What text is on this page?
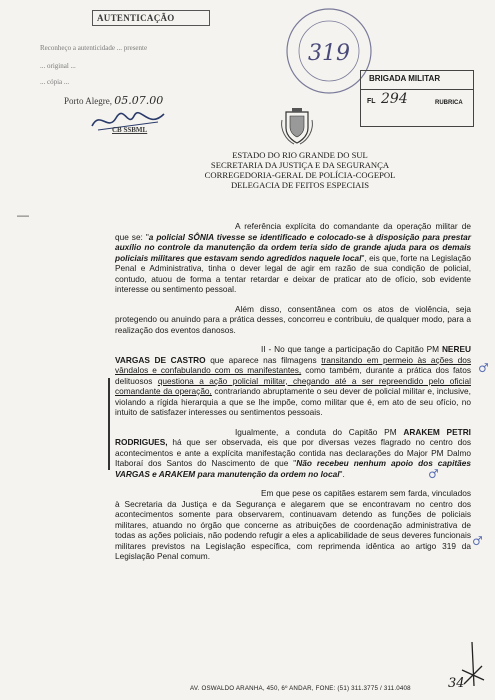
AUTENTICAÇÃO
Reconheço a autenticidade ... presente
... original ...
... cópia ...
Porto Alegre, 05.07.00
CB SSBML
319
BRIGADA MILITAR
FL 294	RUBRICA
ESTADO DO RIO GRANDE DO SUL
SECRETARIA DA JUSTIÇA E DA SEGURANÇA
CORREGEDORIA-GERAL DE POLÍCIA-COGEPOL
DELEGACIA DE FEITOS ESPECIAIS
—

A referência explícita do comandante da operação militar de que se: "a policial SÔNIA tivesse se identificado e colocado-se à disposição para prestar auxílio no controle da manutenção da ordem teria sido de grande ajuda para os demais policiais militares que estavam sendo agredidos naquele local", eis que, forte na Legislação Penal e Administrativa, tinha o dever legal de agir em razão de sua condição de policial, contudo, atuou de forma a tentar retardar e deixar de praticar ato de ofício, sob evidente interesse ou sentimento pessoal.

Além disso, consentânea com os atos de violência, seja protegendo ou anuindo para a prática desses, concorreu e contribuiu, de qualquer modo, para a realização dos eventos danosos.

II - No que tange a participação do Capitão PM NEREU VARGAS DE CASTRO que aparece nas filmagens transitando em permeio às ações dos vândalos e confabulando com os manifestantes, como também, durante a prática dos fatos delituosos questiona a ação policial militar, chegando até a ser repreendido pelo oficial comandante da operação, contrariando abruptamente o seu dever de policial militar e, inclusive, violando a rígida hierarquia a que se lhe impõe, como militar que é, em ato de seu ofício, no intuito de satisfazer interesses ou sentimentos pessoais.

Igualmente, a conduta do Capitão PM ARAKEM PETRI RODRIGUES, há que ser observada, eis que por diversas vezes flagrado no centro dos acontecimentos e ante a explícita manifestação contida nas declarações do Major PM Dalmo Itaboraí dos Santos do Nascimento de que "Não recebeu nenhum apoio dos capitães VARGAS e ARAKEM para manutenção da ordem no local".

Em que pese os capitães estarem sem farda, vinculados à Secretaria da Justiça e da Segurança e alegarem que se encontravam no centro dos acontecimentos somente para observarem, continuavam detendo as funções de policiais militares, atuando no órgão que concerne as atribuições de coordenação administrativa de todas as ações policiais, não podendo refugir a eles a aplicabilidade de seus deveres funcionais militares previstos na Legislação específica, com reprimenda idêntica ao artigo 319 da Legislação Penal comum.

♂
♂
♂
AV. OSWALDO ARANHA, 450, 6º ANDAR, FONE: (51) 311.3775 / 311.0408	34
